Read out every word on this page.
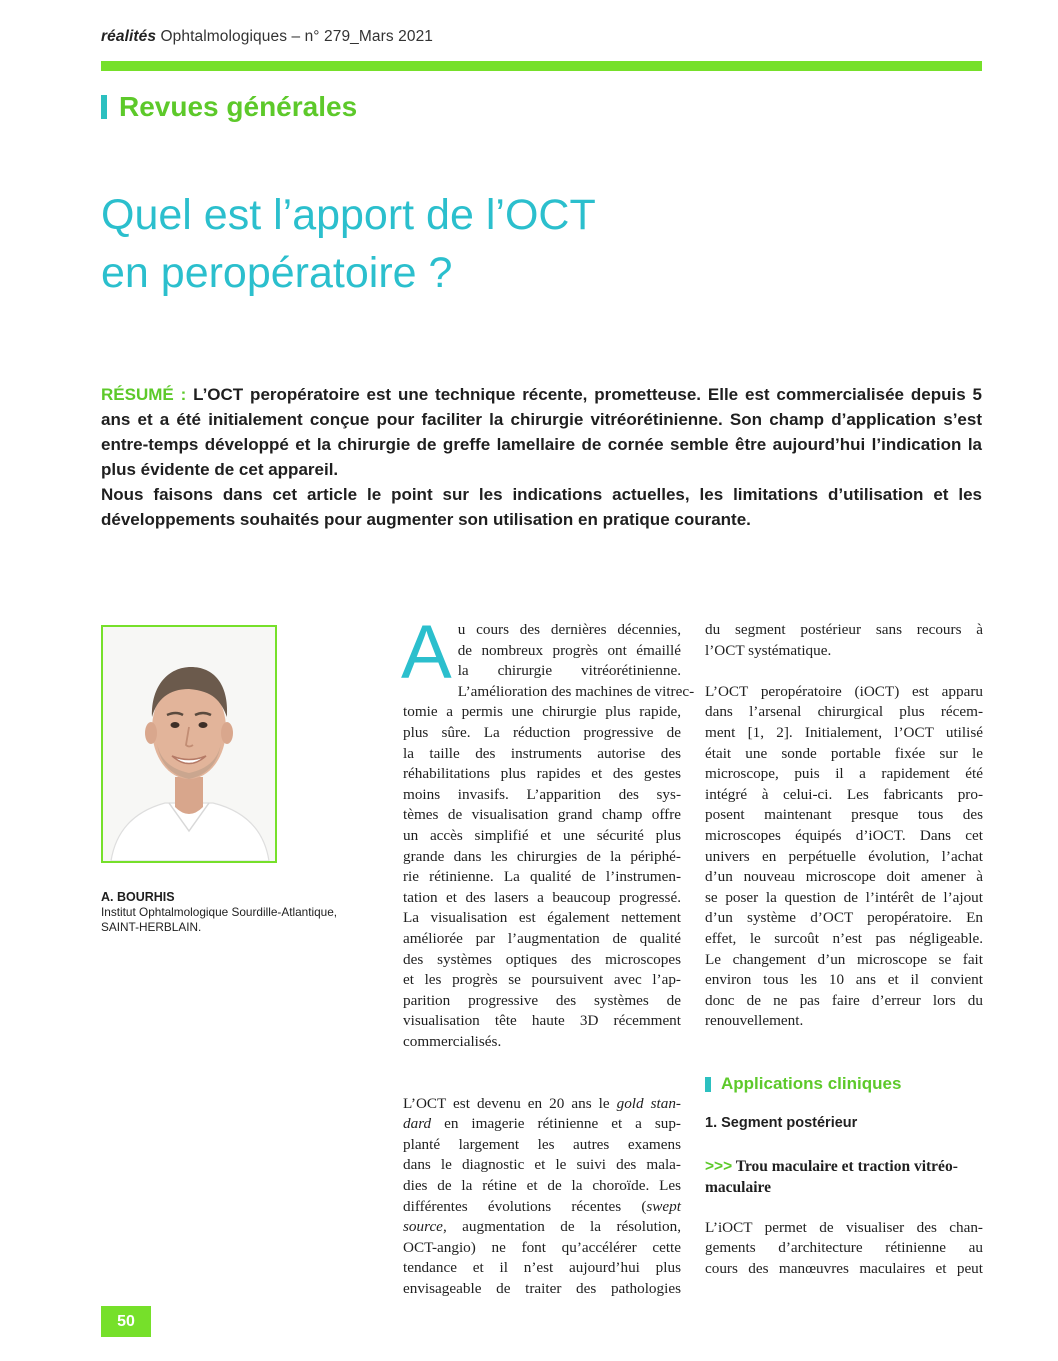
réalités Ophtalmologiques – n° 279_Mars 2021
Revues générales
Quel est l’apport de l’OCT
en peropératoire ?

RÉSUMÉ : L’OCT peropératoire est une technique récente, prometteuse. Elle est commercialisée depuis 5 ans et a été initialement conçue pour faciliter la chirurgie vitréorétinienne. Son champ d’application s’est entre-temps développé et la chirurgie de greffe lamellaire de cornée semble être aujourd’hui l’indication la plus évidente de cet appareil.

Nous faisons dans cet article le point sur les indications actuelles, les limitations d’utilisation et les développements souhaités pour augmenter son utilisation en pratique courante.

A. BOURHIS
Institut Ophtalmologique Sourdille-Atlantique,
SAINT-HERBLAIN.
A u cours des dernières décennies,
de nombreux progrès ont émaillé
la chirurgie vitréorétinienne.
L’amélioration des machines de vitrec-
tomie a permis une chirurgie plus rapide,
plus sûre. La réduction progressive de
la taille des instruments autorise des
réhabilitations plus rapides et des gestes
moins invasifs. L’apparition des sys-
tèmes de visualisation grand champ offre
un accès simplifié et une sécurité plus
grande dans les chirurgies de la périphé-
rie rétinienne. La qualité de l’instrumen-
tation et des lasers a beaucoup progressé.
La visualisation est également nettement
améliorée par l’augmentation de qualité
des systèmes optiques des microscopes
et les progrès se poursuivent avec l’ap-
parition progressive des systèmes de
visualisation tête haute 3D récemment
commercialisés.

L’OCT est devenu en 20 ans le gold stan-
dard en imagerie rétinienne et a sup-
planté largement les autres examens
dans le diagnostic et le suivi des mala-
dies de la rétine et de la choroïde. Les
différentes évolutions récentes (swept
source, augmentation de la résolution,
OCT-angio) ne font qu’accélérer cette
tendance et il n’est aujourd’hui plus
envisageable de traiter des pathologies

du segment postérieur sans recours à
l’OCT systématique.

L’OCT peropératoire (iOCT) est apparu
dans l’arsenal chirurgical plus récem-
ment [1, 2]. Initialement, l’OCT utilisé
était une sonde portable fixée sur le
microscope, puis il a rapidement été
intégré à celui-ci. Les fabricants pro-
posent maintenant presque tous des
microscopes équipés d’iOCT. Dans cet
univers en perpétuelle évolution, l’achat
d’un nouveau microscope doit amener à
se poser la question de l’intérêt de l’ajout
d’un système d’OCT peropératoire. En
effet, le surcoût n’est pas négligeable.
Le changement d’un microscope se fait
environ tous les 10 ans et il convient
donc de ne pas faire d’erreur lors du
renouvellement.

Applications cliniques
1. Segment postérieur
>>> Trou maculaire et traction vitréo-
maculaire

L’iOCT permet de visualiser des chan-
gements d’architecture rétinienne au
cours des manœuvres maculaires et peut

50
